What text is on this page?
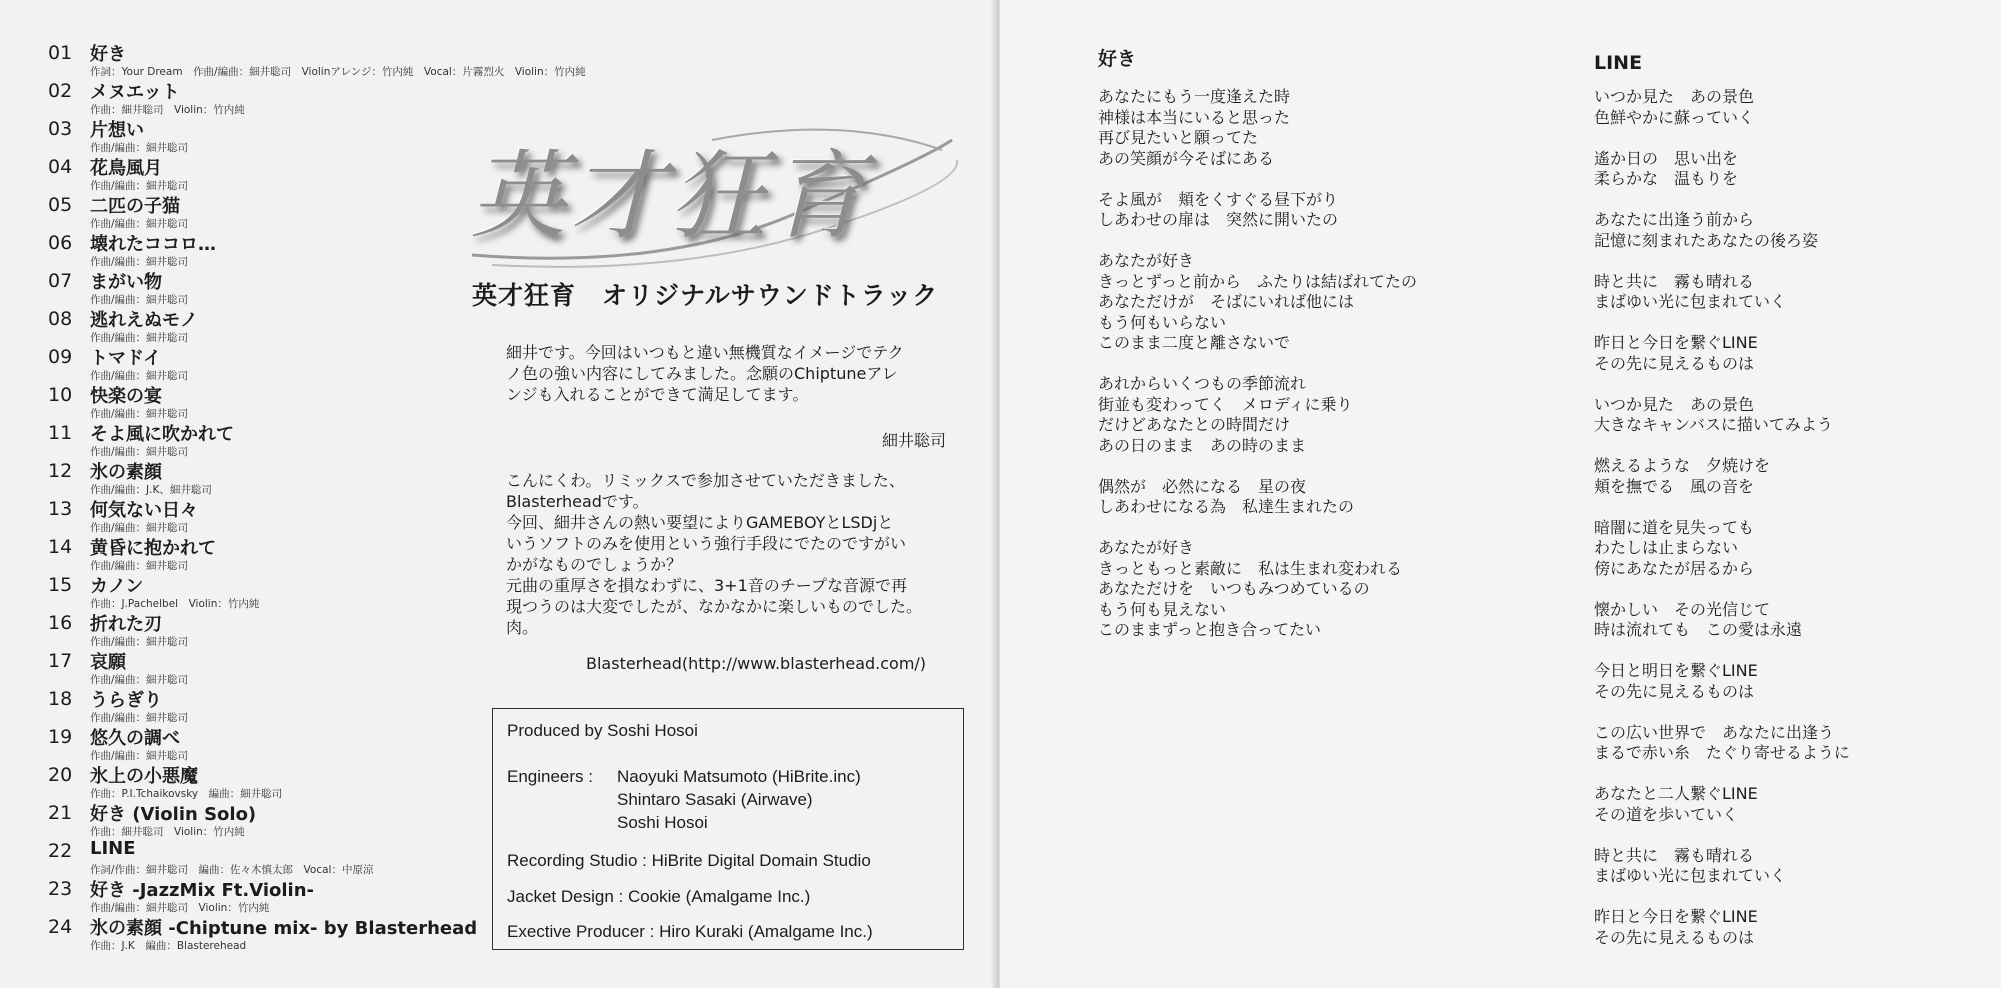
01 好き
作詞：Your Dream　作曲/編曲：細井聡司　Violinアレンジ：竹内純　Vocal：片霧烈火　Violin：竹内純
02 メヌエット
作曲：細井聡司　Violin：竹内純
03 片想い
作曲/編曲：細井聡司
04 花鳥風月
作曲/編曲：細井聡司
05 二匹の子猫
作曲/編曲：細井聡司
06 壊れたココロ…
作曲/編曲：細井聡司
07 まがい物
作曲/編曲：細井聡司
08 逃れえぬモノ
作曲/編曲：細井聡司
09 トマドイ
作曲/編曲：細井聡司
10 快楽の宴
作曲/編曲：細井聡司
11 そよ風に吹かれて
作曲/編曲：細井聡司
12 氷の素顔
作曲/編曲：J.K、細井聡司
13 何気ない日々
作曲/編曲：細井聡司
14 黄昏に抱かれて
作曲/編曲：細井聡司
15 カノン
作曲：J.Pachelbel　Violin：竹内純
16 折れた刃
作曲/編曲：細井聡司
17 哀願
作曲/編曲：細井聡司
18 うらぎり
作曲/編曲：細井聡司
19 悠久の調べ
作曲/編曲：細井聡司
20 氷上の小悪魔
作曲：P.I.Tchaikovsky　編曲：細井聡司
21 好き (Violin Solo)
作曲：細井聡司　Violin：竹内純
22 LINE
作詞/作曲：細井聡司　編曲：佐々木慎太郎　Vocal：中原涼
23 好き -JazzMix Ft.Violin-
作曲/編曲：細井聡司　Violin：竹内純
24 氷の素顔 -Chiptune mix- by Blasterhead
作曲：J.K　編曲：Blasterehead
英才狂育
英才狂育　オリジナルサウンドトラック

細井です。今回はいつもと違い無機質なイメージでテク

ノ色の強い内容にしてみました。念願のChiptuneアレ

ンジも入れることができて満足してます。

細井聡司

こんにくわ。リミックスで参加させていただきました、

Blasterheadです。

今回、細井さんの熱い要望によりGAMEBOYとLSDjと

いうソフトのみを使用という強行手段にでたのですがい

かがなものでしょうか？

元曲の重厚さを損なわずに、3+1音のチープな音源で再

現つうのは大変でしたが、なかなかに楽しいものでした。

肉。

Blasterhead(http://www.blasterhead.com/)
Produced by Soshi Hosoi
Engineers : Naoyuki Matsumoto (HiBrite.inc)
Shintaro Sasaki (Airwave)
Soshi Hosoi
Recording Studio : HiBrite Digital Domain Studio
Jacket Design : Cookie (Amalgame Inc.)
Exective Producer : Hiro Kuraki (Amalgame Inc.)
好き
あなたにもう一度逢えた時
神様は本当にいると思った
再び見たいと願ってた
あの笑顔が今そばにある
そよ風が　頬をくすぐる昼下がり
しあわせの扉は　突然に開いたの
あなたが好き
きっとずっと前から　ふたりは結ばれてたの
あなただけが　そばにいれば他には
もう何もいらない
このまま二度と離さないで
あれからいくつもの季節流れ
街並も変わってく　メロディに乗り
だけどあなたとの時間だけ
あの日のまま　あの時のまま
偶然が　必然になる　星の夜
しあわせになる為　私達生まれたの
あなたが好き
きっともっと素敵に　私は生まれ変われる
あなただけを　いつもみつめているの
もう何も見えない
このままずっと抱き合ってたい
LINE
いつか見た　あの景色
色鮮やかに蘇っていく
遙か日の　思い出を
柔らかな　温もりを
あなたに出逢う前から
記憶に刻まれたあなたの後ろ姿
時と共に　霧も晴れる
まばゆい光に包まれていく
昨日と今日を繋ぐLINE
その先に見えるものは
いつか見た　あの景色
大きなキャンバスに描いてみよう
燃えるような　夕焼けを
頬を撫でる　風の音を
暗闇に道を見失っても
わたしは止まらない
傍にあなたが居るから
懐かしい　その光信じて
時は流れても　この愛は永遠
今日と明日を繋ぐLINE
その先に見えるものは
この広い世界で　あなたに出逢う
まるで赤い糸　たぐり寄せるように
あなたと二人繋ぐLINE
その道を歩いていく
時と共に　霧も晴れる
まばゆい光に包まれていく
昨日と今日を繋ぐLINE
その先に見えるものは
